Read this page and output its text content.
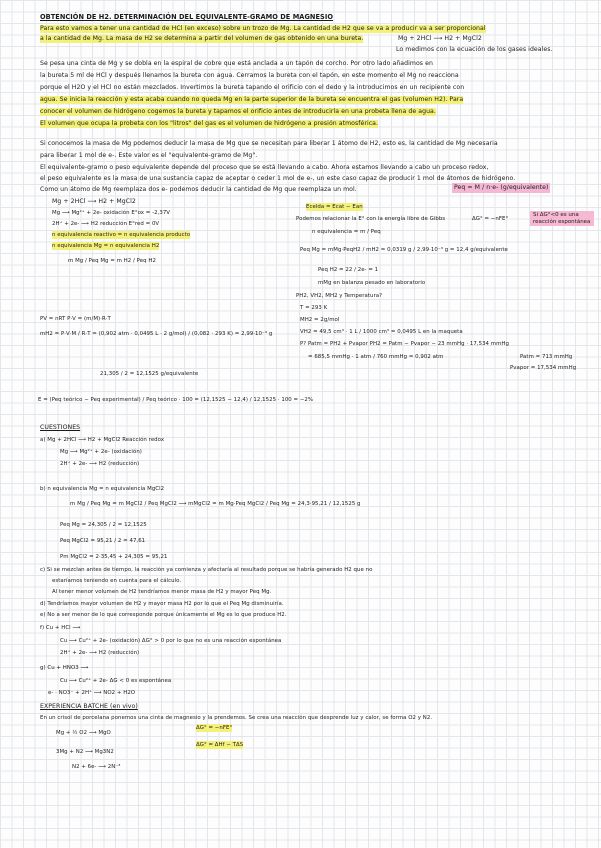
OBTENCIÓN DE H2. DETERMINACIÓN DEL EQUIVALENTE-GRAMO DE MAGNESIO
Para esto vamos a tener una cantidad de HCl (en exceso) sobre un trozo de Mg. La cantidad de H2 que se va a producir va a ser proporcional
a la cantidad de Mg. La masa de H2 se determina a partir del volumen de gas obtenido en una bureta.	Mg + 2HCl ⟶ H2 + MgCl2
Lo medimos con la ecuación de los gases ideales.
Se pesa una cinta de Mg y se dobla en la espiral de cobre que está anclada a un tapón de corcho. Por otro lado añadimos en
la bureta 5 ml de HCl y después llenamos la bureta con agua. Cerramos la bureta con el tapón, en este momento el Mg no reacciona
porque el H2O y el HCl no están mezclados. Invertimos la bureta tapando el orificio con el dedo y la introducimos en un recipiente con
agua. Se inicia la reacción y esta acaba cuando no queda Mg en la parte superior de la bureta se encuentra el gas (volumen H2). Para
conocer el volumen de hidrógeno cogemos la bureta y tapamos el orificio antes de introducirla en una probeta llena de agua.
El volumen que ocupa la probeta con los "litros" del gas es el volumen de hidrógeno a presión atmosférica.
Si conocemos la masa de Mg podemos deducir la masa de Mg que se necesitan para liberar 1 átomo de H2, esto es, la cantidad de Mg necesaria
para liberar 1 mol de e-. Este valor es el "equivalente-gramo de Mg".
El equivalente-gramo o peso equivalente depende del proceso que se está llevando a cabo. Ahora estamos llevando a cabo un proceso redox,
el peso equivalente es la masa de una sustancia capaz de aceptar o ceder 1 mol de e-, un este caso capaz de producir 1 mol de átomos de hidrógeno.
Como un átomo de Mg reemplaza dos e- podemos deducir la cantidad de Mg que reemplaza un mol.	Peq = M / n·e- (g/equivalente)
Mg + 2HCl ⟶ H2 + MgCl2
Mg ⟶ Mg²⁺ + 2e- oxidación E°ox = -2,37V
2H⁺ + 2e- ⟶ H2 reducción E°red = 0V
n equivalencia reactivo = n equivalencia producto
n equivalencia Mg = n equivalencia H2
m Mg / Peq Mg = m H2 / Peq H2
PV = nRT P·V = (m/M)·R·T
mH2 = P·V·M / R·T = (0,902 atm · 0,0495 L · 2 g/mol) / (0,082 · 293 K) = 2,99·10⁻³ g
21,305 / 2 = 12,1525 g/equivalente
E = (Peq teórico − Peq experimental) / Peq teórico · 100 = (12,1525 − 12,4) / 12,1525 · 100 = −2%
Ecelda = Ecat − Ean
Podemos relacionar la E° con la energía libre de Gibbs	ΔG° = −nFE°
Si ΔG°<0 es una reacción espontánea
n equivalencia = m / Peq
Peq Mg = mMg·PeqH2 / mH2 = 0,0319 g / 2,99·10⁻³ g = 12,4 g/equivalente
Peq H2 = 22 / 2e- = 1
mMg en balanza pesado en laboratorio
PH2, VH2, MH2 y Temperatura?
T = 293 K
MH2 = 2g/mol
VH2 = 49,5 cm³ · 1 L / 1000 cm³ = 0,0495 L en la maqueta
P? Patm = PH2 + Pvapor PH2 = Patm − Pvapor − 23 mmHg · 17,534 mmHg
= 685,5 mmHg · 1 atm / 760 mmHg = 0,902 atm	Patm = 713 mmHg
Pvapor = 17,534 mmHg
CUESTIONES
a) Mg + 2HCl ⟶ H2 + MgCl2 Reacción redox
Mg ⟶ Mg²⁺ + 2e- (oxidación)
2H⁺ + 2e- ⟶ H2 (reducción)
b) n equivalencia Mg = n equivalencia MgCl2
m Mg / Peq Mg = m MgCl2 / Peq MgCl2 ⟶ mMgCl2 = m Mg·Peq MgCl2 / Peq Mg = 24,3·95,21 / 12,1525 g
Peq Mg = 24,305 / 2 = 12,1525
Peq MgCl2 = 95,21 / 2 = 47,61
Pm MgCl2 = 2·35,45 + 24,305 = 95,21
c) Si se mezclan antes de tiempo, la reacción ya comienza y afectaría al resultado porque se habría generado H2 que no
estaríamos teniendo en cuenta para el cálculo.
Al tener menor volumen de H2 tendríamos menor masa de H2 y mayor Peq Mg.
d) Tendríamos mayor volumen de H2 y mayor masa H2 por lo que el Peq Mg disminuiría.
e) No a ser menor de lo que corresponde porque únicamente el Mg es lo que produce H2.
f) Cu + HCl ⟶
Cu ⟶ Cu²⁺ + 2e- (oxidación) ΔG° > 0 por lo que no es una reacción espontánea
2H⁺ + 2e- ⟶ H2 (reducción)
g) Cu + HNO3 ⟶
Cu ⟶ Cu²⁺ + 2e- ΔG < 0 es espontánea
e- · NO3⁻ + 2H⁺ ⟶ NO2 + H2O
EXPERIENCIA BATCHE (en vivo)
En un crisol de porcelana ponemos una cinta de magnesio y la prendemos. Se crea una reacción que desprende luz y calor, se forma O2 y N2.
Mg + ½ O2 ⟶ MgO
ΔG° = −nFE°
3Mg + N2 ⟶ Mg3N2
ΔG° = ΔHf − TΔS
N2 + 6e- ⟶ 2N⁻³
